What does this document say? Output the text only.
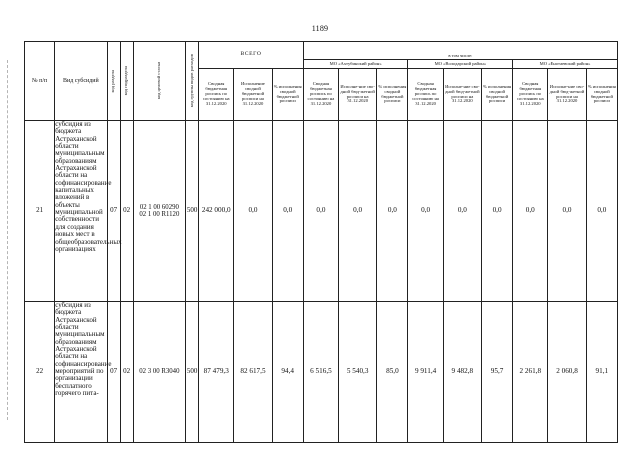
1189
№ п/п	Вид субсидий	код раздела	код подраздела	код целевой статьи	код группы видов расходов	ВСЕГО			в том числе:								
									МО «Ахтубинский район»			МО «Володарский район»			МО «Енотаевский район»		
						Сводная бюджетная роспись по состоянию на 31.12.2020	Исполнение сводной бюджетной росписи на 31.12.2020	% исполнения сводной бюджетной росписи	Сводная бюджетная роспись по состоянию на 31.12.2020	Исполне-ние сво-дной бюд-жетной росписи на 31.12.2020	% исполнения сводной бюджетной росписи	Сводная бюджетная роспись по состоянию на 31.12.2020	Исполне-ние сво-дной бюд-жетной росписи на 31.12.2020	% исполнения сводной бюджетной росписи	Сводная бюджетная роспись по состоянию на 31.12.2020	Исполне-ние сво-дной бюд-жетной росписи на 31.12.2020	% исполнения сводной бюджетной росписи
21	субсидия из бюджета Астраханской области муниципальным образованиям Астраханской области на софинансирование капитальных вложений в объекты муниципальной собственности для создания новых мест в общеобразовательных организациях	07	02	02 1 00 60290
02 1 00 R1120	500	242 000,0	0,0	0,0	0,0	0,0	0,0	0,0	0,0	0,0	0,0	0,0	0,0
22	субсидия из бюджета Астраханской области муниципальным образованиям Астраханской области на софинансирование мероприятий по организации бесплатного горячего пита-	07	02	02 3 00 R3040	500	87 479,3	82 617,5	94,4	6 516,5	5 540,3	85,0	9 911,4	9 482,8	95,7	2 261,8	2 060,8	91,1
